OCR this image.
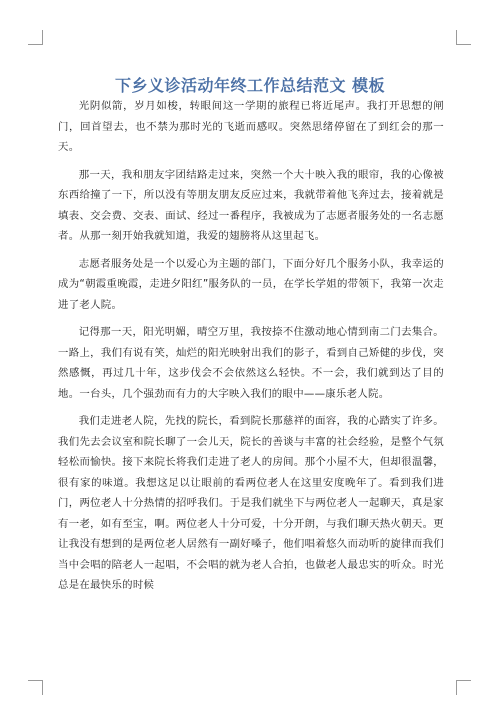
下乡义诊活动年终工作总结范文 模板

光阴似箭，岁月如梭，转眼间这一学期的旅程已将近尾声。我打开思想的闸门，回首望去，也不禁为那时光的飞逝而感叹。突然思绪停留在了到红会的那一天。

那一天，我和朋友字团结路走过来，突然一个大十映入我的眼帘，我的心像被东西给撞了一下，所以没有等朋友朋友反应过来，我就带着他飞奔过去，接着就是填表、交会费、交表、面试、经过一番程序，我被成为了志愿者服务处的一名志愿者。从那一刻开始我就知道，我爱的翅膀将从这里起飞。

志愿者服务处是一个以爱心为主题的部门，下面分好几个服务小队，我幸运的成为“朝霞重晚霞，走进夕阳红”服务队的一员，在学长学姐的带领下，我第一次走进了老人院。

记得那一天，阳光明媚，晴空万里，我按捺不住激动地心情到南二门去集合。一路上，我们有说有笑，灿烂的阳光映射出我们的影子，看到自己矫健的步伐，突然感慨，再过几十年，这步伐会不会依然这么轻快。不一会，我们就到达了目的地。一台头，几个强劲而有力的大字映入我们的眼中——康乐老人院。

我们走进老人院，先找的院长，看到院长那慈祥的面容，我的心踏实了许多。我们先去会议室和院长聊了一会儿天，院长的善谈与丰富的社会经验，是整个气氛轻松而愉快。接下来院长将我们走进了老人的房间。那个小屋不大，但却很温馨，很有家的味道。我想这足以让眼前的看两位老人在这里安度晚年了。看到我们进门，两位老人十分热情的招呼我们。于是我们就坐下与两位老人一起聊天，真是家有一老，如有至宝，啊。两位老人十分可爱，十分开朗，与我们聊天热火朝天。更让我没有想到的是两位老人居然有一副好嗓子，他们唱着悠久而动听的旋律而我们当中会唱的陪老人一起唱，不会唱的就为老人合拍，也做老人最忠实的听众。时光总是在最快乐的时候
